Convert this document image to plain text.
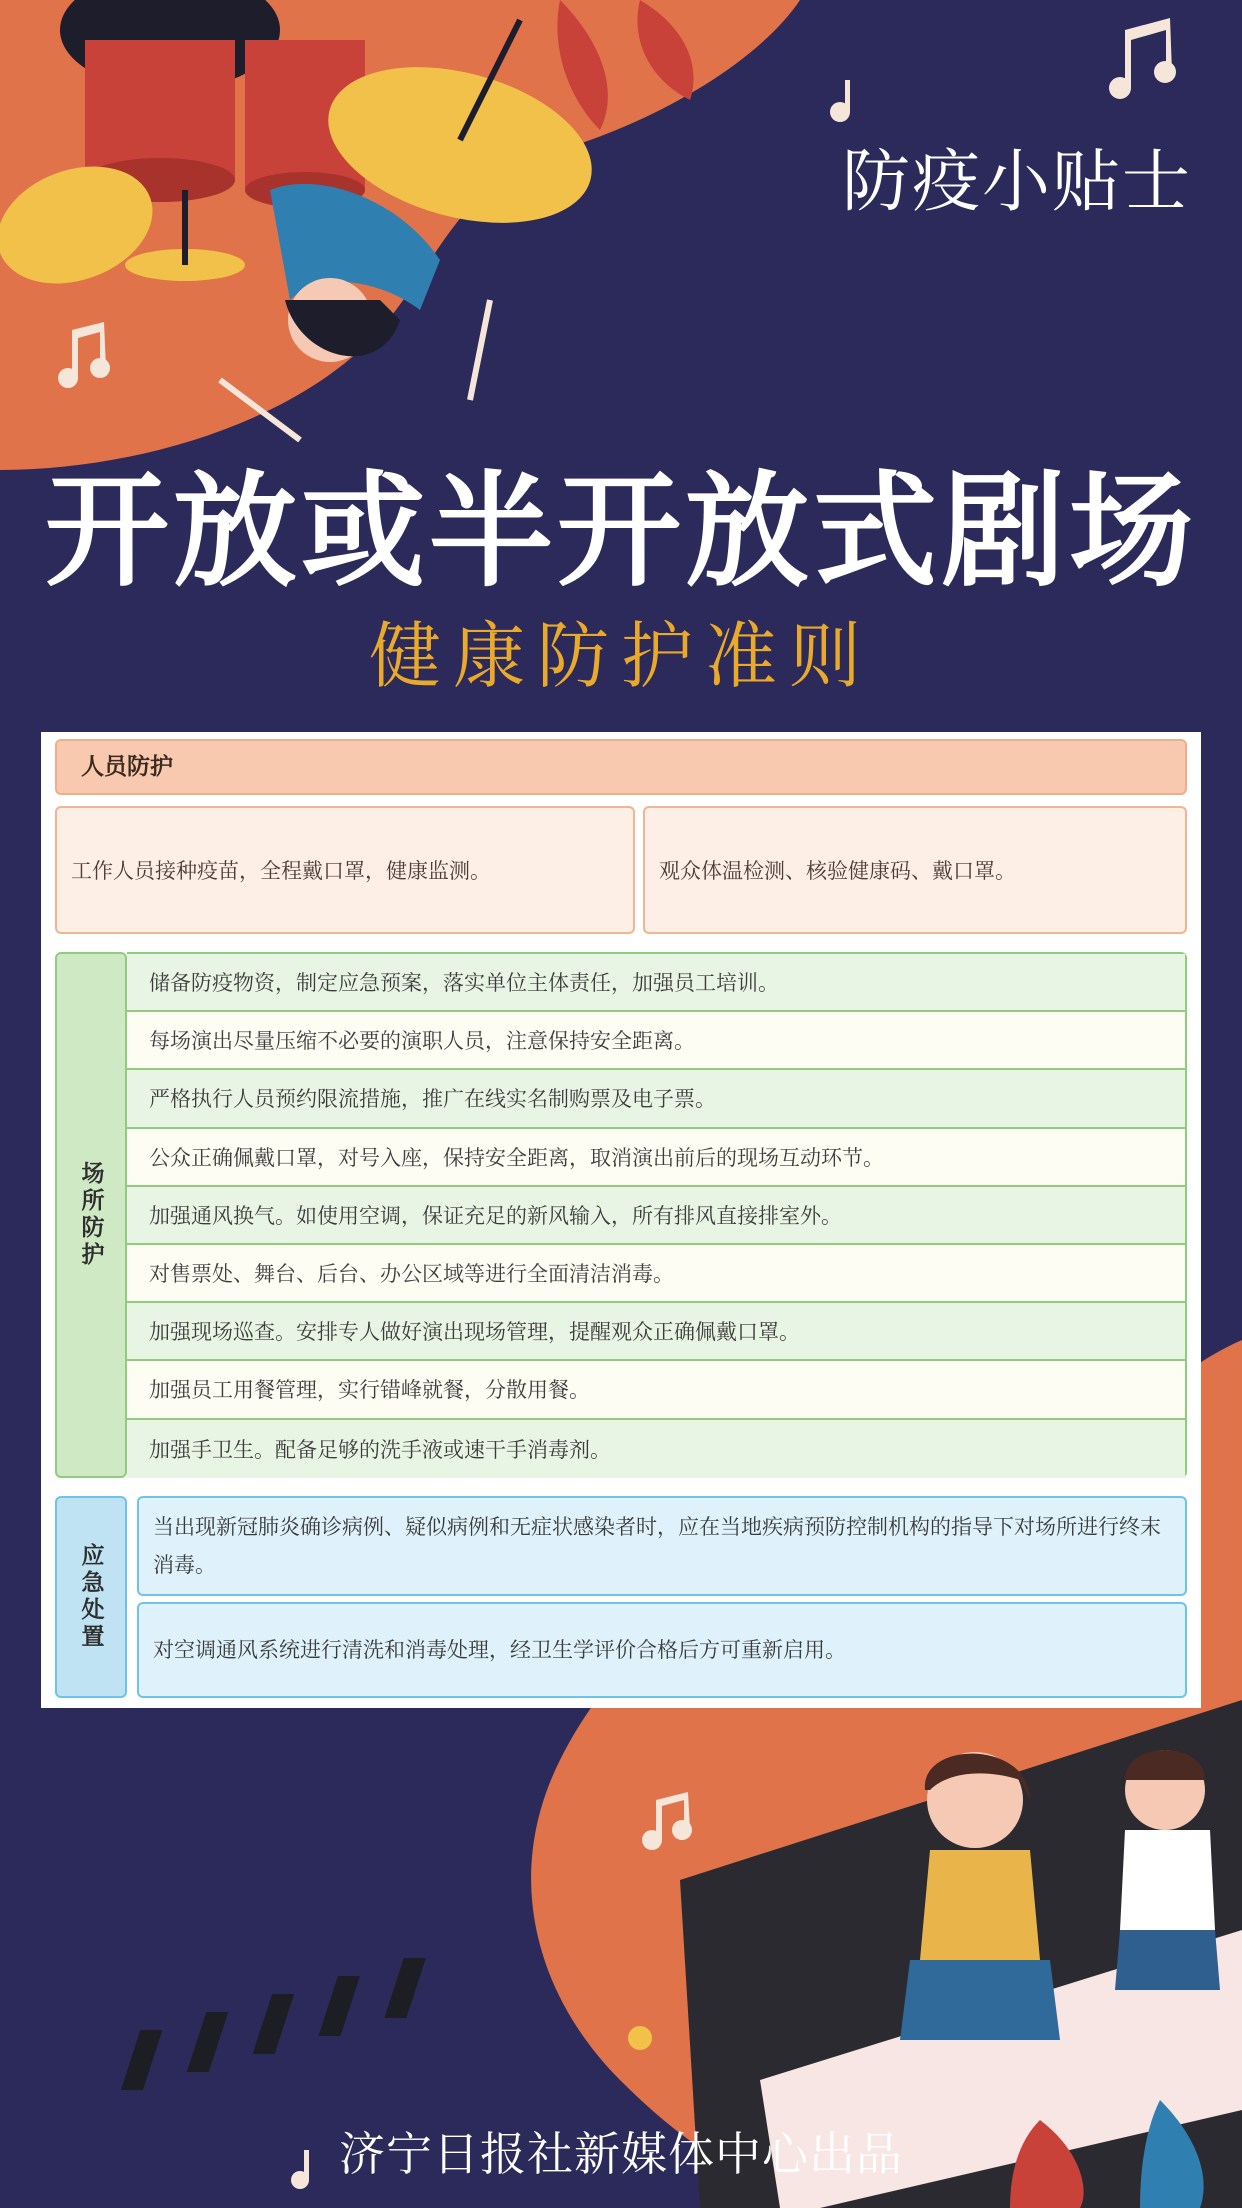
防疫小贴士
开放或半开放式剧场
健康防护准则
人员防护
工作人员接种疫苗，全程戴口罩，健康监测。	观众体温检测、核验健康码、戴口罩。
场所防护
储备防疫物资，制定应急预案，落实单位主体责任，加强员工培训。
每场演出尽量压缩不必要的演职人员，注意保持安全距离。
严格执行人员预约限流措施，推广在线实名制购票及电子票。
公众正确佩戴口罩，对号入座，保持安全距离，取消演出前后的现场互动环节。
加强通风换气。如使用空调，保证充足的新风输入，所有排风直接排室外。
对售票处、舞台、后台、办公区域等进行全面清洁消毒。
加强现场巡查。安排专人做好演出现场管理，提醒观众正确佩戴口罩。
加强员工用餐管理，实行错峰就餐，分散用餐。
加强手卫生。配备足够的洗手液或速干手消毒剂。
应急处置
当出现新冠肺炎确诊病例、疑似病例和无症状感染者时，应在当地疾病预防控制机构的指导下对场所进行终末消毒。
对空调通风系统进行清洗和消毒处理，经卫生学评价合格后方可重新启用。
济宁日报社新媒体中心出品
